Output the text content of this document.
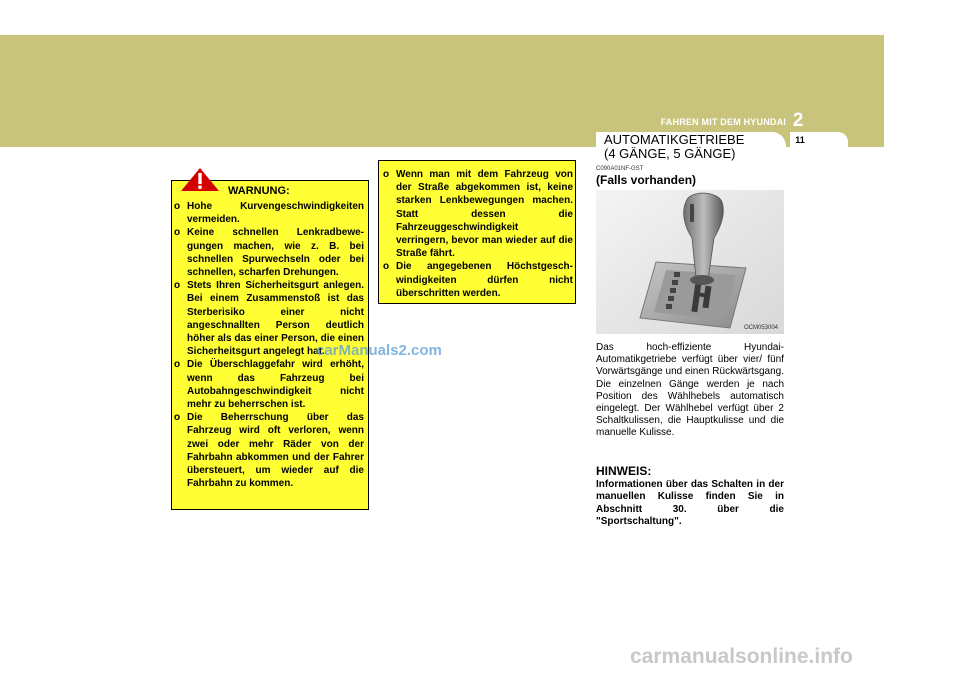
FAHREN MIT DEM HYUNDAI 2
AUTOMATIKGETRIEBE
(4 GÄNGE, 5 GÄNGE)
11
WARNUNG:
o Hohe Kurvengeschwindigkeiten vermeiden.
o Keine schnellen Lenkradbewe- gungen machen, wie z. B. bei schnellen Spurwechseln oder bei schnellen, scharfen Drehungen.
o Stets Ihren Sicherheitsgurt anlegen. Bei einem Zusammenstoß ist das Sterberisiko einer nicht angeschnallten Person deutlich höher als das einer Person, die einen Sicherheitsgurt angelegt hat.
o Die Überschlaggefahr wird erhöht, wenn das Fahrzeug bei Autobahngeschwindigkeit nicht mehr zu beherrschen ist.
o Die Beherrschung über das Fahrzeug wird oft verloren, wenn zwei oder mehr Räder von der Fahrbahn abkommen und der Fahrer übersteuert, um wieder auf die Fahrbahn zu kommen.
o Wenn man mit dem Fahrzeug von der Straße abgekommen ist, keine starken Lenkbewegungen machen. Statt dessen die Fahrzeuggeschwindigkeit verringern, bevor man wieder auf die Straße fährt.
o Die angegebenen Höchstgesch- windigkeiten dürfen nicht überschritten werden.
C090A01NF-GST
(Falls vorhanden)
OCM053004

Das hoch-effiziente Hyundai-Automatikgetriebe verfügt über vier/ fünf Vorwärtsgänge und einen Rückwärtsgang. Die einzelnen Gänge werden je nach Position des Wählhebels automatisch eingelegt. Der Wählhebel verfügt über 2 Schaltkulissen, die Hauptkulisse und die manuelle Kulisse.

HINWEIS:

Informationen über das Schalten in der manuellen Kulisse finden Sie in Abschnitt 30. über die "Sportschaltung".

carManuals2.com
carmanualsonline.info
